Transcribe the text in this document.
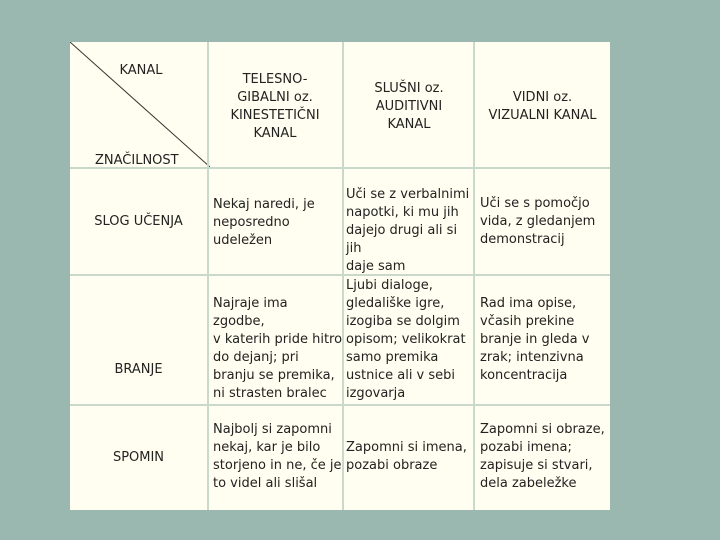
KANAL
ZNAČILNOST
TELESNO-
GIBALNI oz.
KINESTETIČNI
KANAL
SLUŠNI oz.
AUDITIVNI
KANAL
VIDNI oz.
VIZUALNI KANAL
SLOG UČENJA
Nekaj naredi, je
neposredno
udeležen
Uči se z verbalnimi
napotki, ki mu jih
dajejo drugi ali si jih
daje sam
Uči se s pomočjo
vida, z gledanjem
demonstracij
BRANJE
Najraje ima zgodbe,
v katerih pride hitro
do dejanj; pri
branju se premika,
ni strasten bralec
Ljubi dialoge,
gledališke igre,
izogiba se dolgim
opisom; velikokrat
samo premika
ustnice ali v sebi
izgovarja
Rad ima opise,
včasih prekine
branje in gleda v
zrak; intenzivna
koncentracija
SPOMIN
Najbolj si zapomni
nekaj, kar je bilo
storjeno in ne, če je
to videl ali slišal
Zapomni si imena,
pozabi obraze
Zapomni si obraze,
pozabi imena;
zapisuje si stvari,
dela zabeležke
